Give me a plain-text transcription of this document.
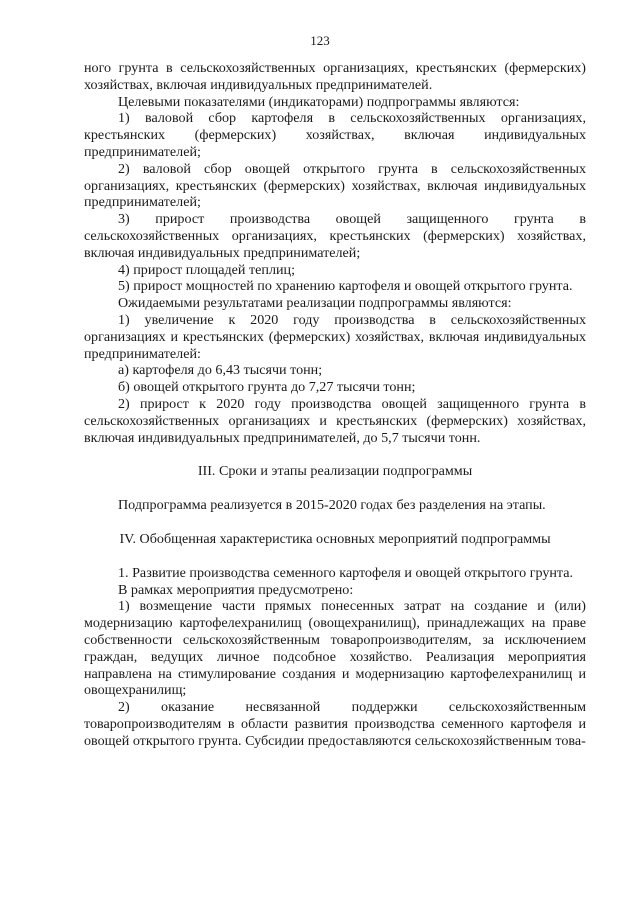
123

ного грунта в сельскохозяйственных организациях, крестьянских (фермерских) хозяйствах, включая индивидуальных предпринимателей.

Целевыми показателями (индикаторами) подпрограммы являются:

1) валовой сбор картофеля в сельскохозяйственных организациях, крестьянских (фермерских) хозяйствах, включая индивидуальных предпринимателей;

2) валовой сбор овощей открытого грунта в сельскохозяйственных организациях, крестьянских (фермерских) хозяйствах, включая индивидуальных предпринимателей;

3) прирост производства овощей защищенного грунта в сельскохозяйственных организациях, крестьянских (фермерских) хозяйствах, включая индивидуальных предпринимателей;

4) прирост площадей теплиц;

5) прирост мощностей по хранению картофеля и овощей открытого грунта.

Ожидаемыми результатами реализации подпрограммы являются:

1) увеличение к 2020 году производства в сельскохозяйственных организациях и крестьянских (фермерских) хозяйствах, включая индивидуальных предпринимателей:

а) картофеля до 6,43 тысячи тонн;

б) овощей открытого грунта до 7,27 тысячи тонн;

2) прирост к 2020 году производства овощей защищенного грунта в сельскохозяйственных организациях и крестьянских (фермерских) хозяйствах, включая индивидуальных предпринимателей, до 5,7 тысячи тонн.

III. Сроки и этапы реализации подпрограммы

Подпрограмма реализуется в 2015-2020 годах без разделения на этапы.

IV. Обобщенная характеристика основных мероприятий подпрограммы

1. Развитие производства семенного картофеля и овощей открытого грунта.

В рамках мероприятия предусмотрено:

1) возмещение части прямых понесенных затрат на создание и (или) модернизацию картофелехранилищ (овощехранилищ), принадлежащих на праве собственности сельскохозяйственным товаропроизводителям, за исключением граждан, ведущих личное подсобное хозяйство. Реализация мероприятия направлена на стимулирование создания и модернизацию картофелехранилищ и овощехранилищ;

2) оказание несвязанной поддержки сельскохозяйственным товаропроизводителям в области развития производства семенного картофеля и овощей открытого грунта. Субсидии предоставляются сельскохозяйственным това-
